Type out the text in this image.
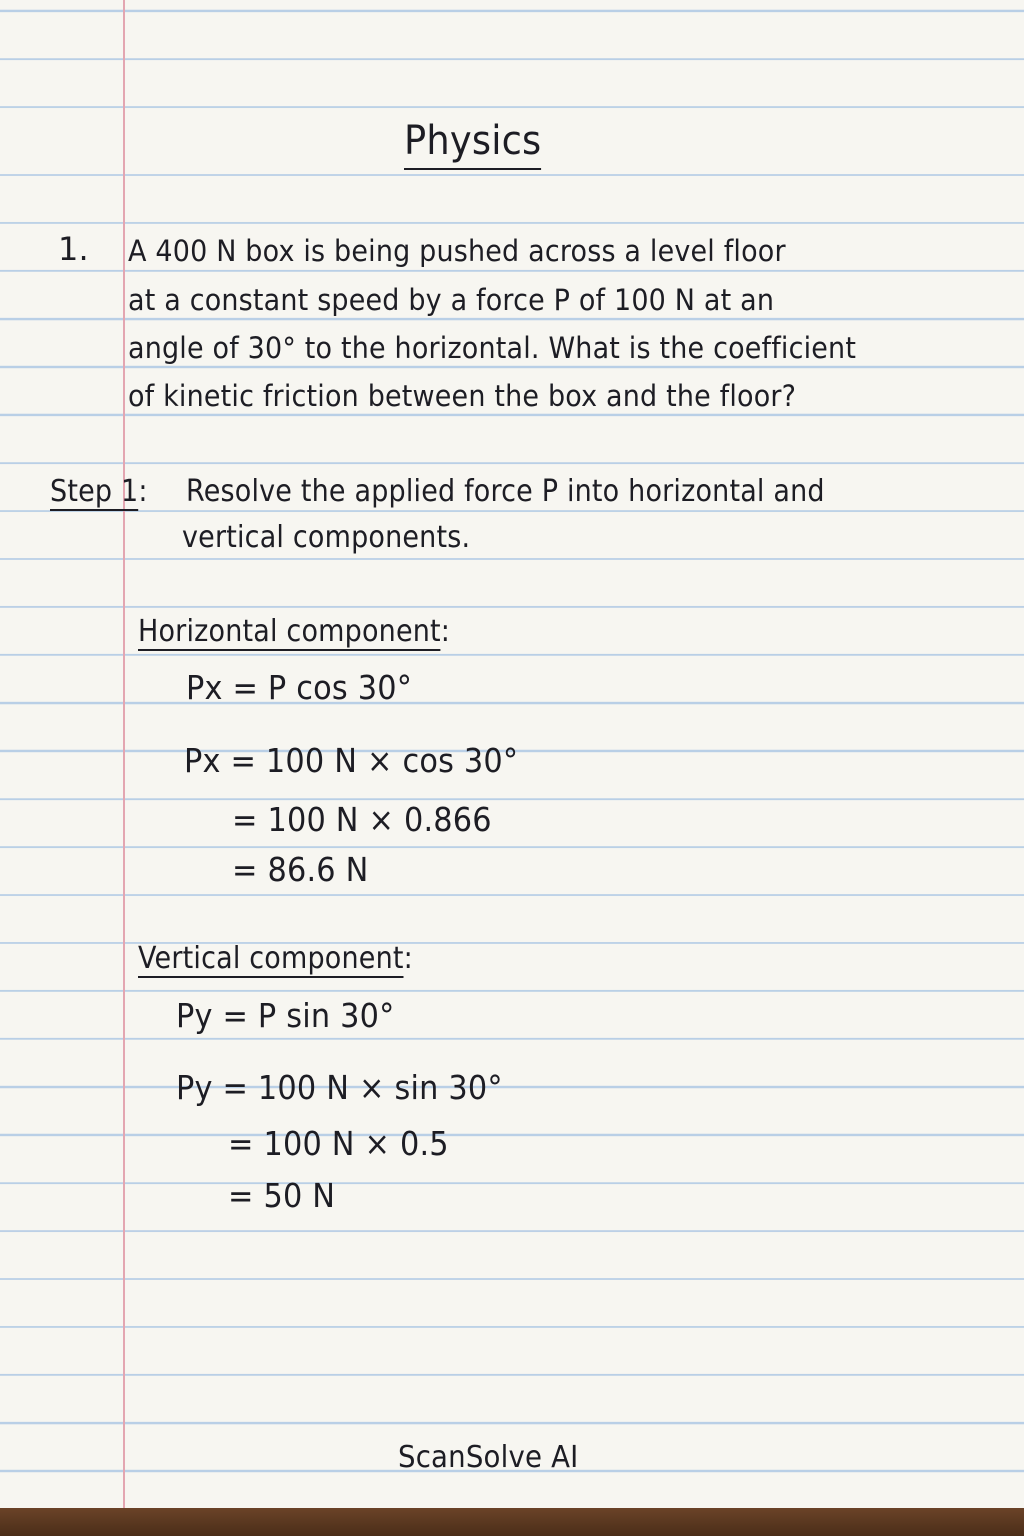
Physics
1. A 400 N box is being pushed across a level floor
at a constant speed by a force P of 100 N at an
angle of 30° to the horizontal. What is the coefficient
of kinetic friction between the box and the floor?
Step 1: Resolve the applied force P into horizontal and
vertical components.
Horizontal component:
Px = P cos 30°
Px = 100 N × cos 30°
= 100 N × 0.866
= 86.6 N
Vertical component:
Py = P sin 30°
Py = 100 N × sin 30°
= 100 N × 0.5
= 50 N
ScanSolve AI
